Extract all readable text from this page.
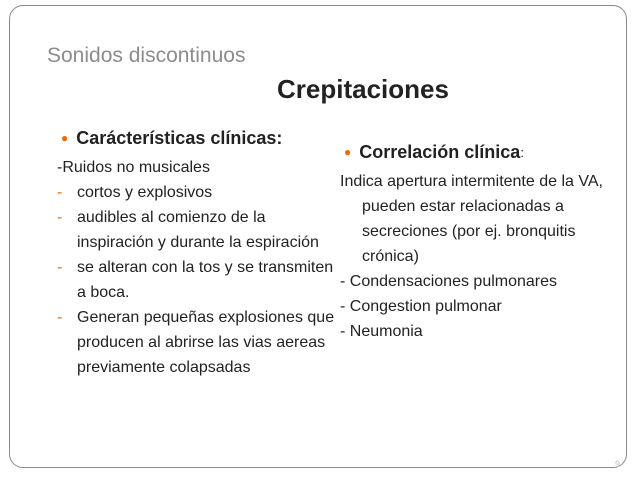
9
Sonidos discontinuos
Crepitaciones
● Carácterísticas clínicas:
-Ruidos no musicales
- cortos y explosivos
- audibles al comienzo de la inspiración y durante la espiración
- se alteran con la tos y se transmiten a boca.
- Generan pequeñas explosiones que producen al abrirse las vias aereas previamente colapsadas
● Correlación clínica :
Indica apertura intermitente de la VA, pueden estar relacionadas a secreciones (por ej. bronquitis crónica)
- Condensaciones pulmonares
- Congestion pulmonar
- Neumonia
